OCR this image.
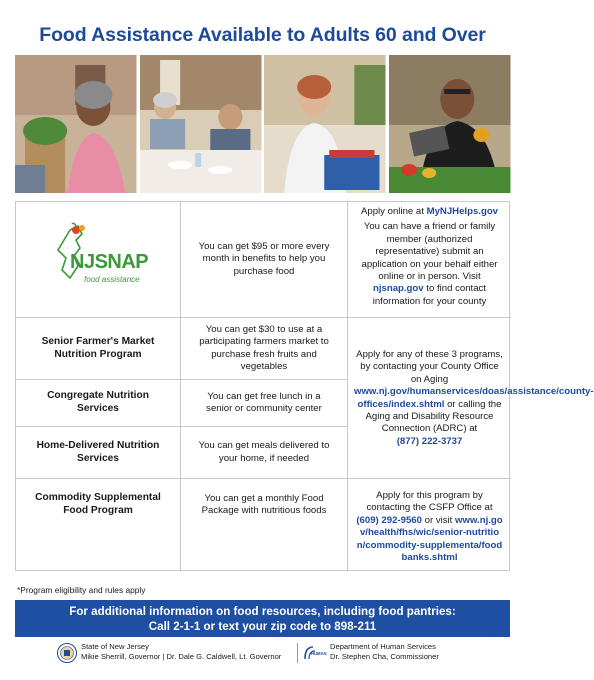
Food Assistance Available to Adults 60 and Over
NJSNAP
food assistance
You can get $95 or more every month in benefits to help you purchase food
Apply online at MyNJHelps.gov
You can have a friend or family member (authorized representative) submit an application on your behalf either online or in person. Visit njsnap.gov to find contact information for your county
Senior Farmer's Market Nutrition Program
You can get $30 to use at a participating farmers market to purchase fresh fruits and vegetables
Apply for any of these 3 programs, by contacting your County Office on Aging www.nj.gov/humanservices/doas/assistance/county-offices/index.shtml or calling the Aging and Disability Resource Connection (ADRC) at
(877) 222-3737
Congregate Nutrition Services
You can get free lunch in a senior or community center
Home-Delivered Nutrition Services
You can get meals delivered to your home, if needed
Commodity Supplemental Food Program
You can get a monthly Food Package with nutritious foods
Apply for this program by contacting the CSFP Office at (609) 292-9560 or visit www.nj.gov/health/fhs/wic/senior-nutrition/commodity-supplementa/foodbanks.shtml
*Program eligibility and rules apply
For additional information on food resources, including food pantries:
Call 2-1-1 or text your zip code to 898-211
State of New Jersey
Mikie Sherrill, Governor | Dr. Dale G. Caldwell, Lt. Governor	HUMAN
Department of Human Services
Dr. Stephen Cha, Commissioner
